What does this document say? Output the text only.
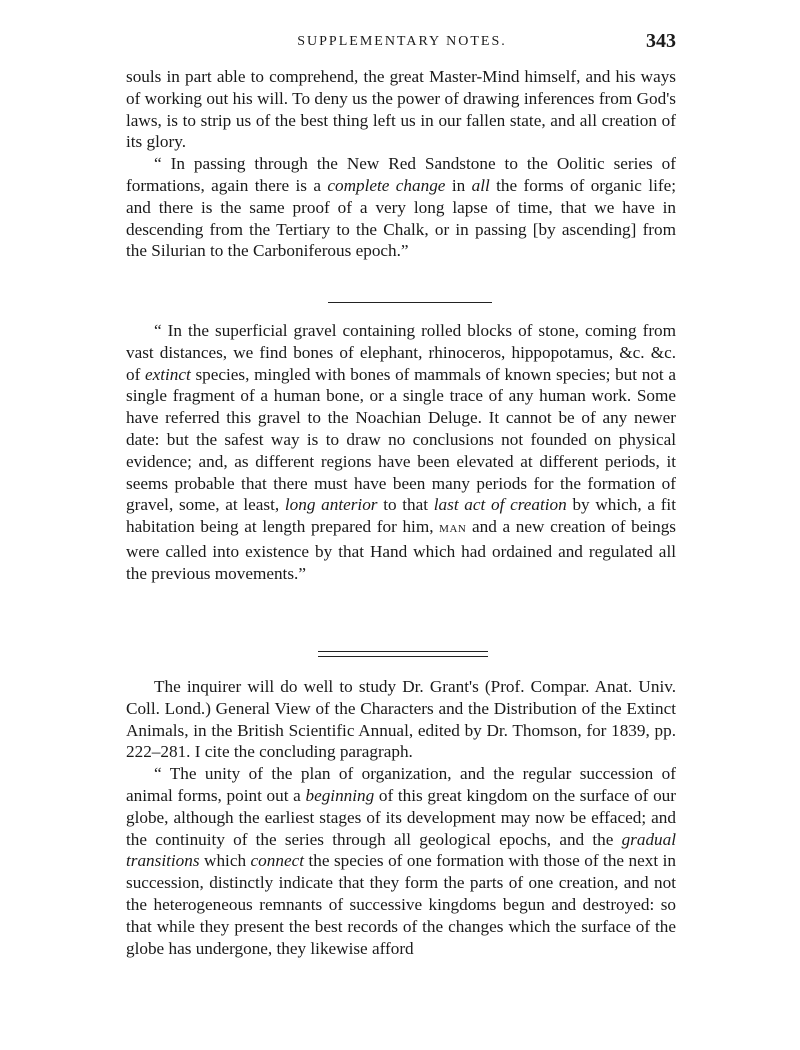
SUPPLEMENTARY NOTES.	343

souls in part able to comprehend, the great Master-Mind himself, and his ways of working out his will. To deny us the power of drawing inferences from God's laws, is to strip us of the best thing left us in our fallen state, and all creation of its glory.

“ In passing through the New Red Sandstone to the Oolitic series of formations, again there is a complete change in all the forms of organic life; and there is the same proof of a very long lapse of time, that we have in descending from the Tertiary to the Chalk, or in passing [by ascending] from the Silurian to the Carboniferous epoch.”

“ In the superficial gravel containing rolled blocks of stone, coming from vast distances, we find bones of elephant, rhinoceros, hippopotamus, &c. &c. of extinct species, mingled with bones of mammals of known species; but not a single fragment of a human bone, or a single trace of any human work. Some have referred this gravel to the Noachian Deluge. It cannot be of any newer date: but the safest way is to draw no conclusions not founded on physical evidence; and, as different regions have been elevated at different periods, it seems probable that there must have been many periods for the formation of gravel, some, at least, long anterior to that last act of creation by which, a fit habitation being at length prepared for him, MAN and a new creation of beings were called into existence by that Hand which had ordained and regulated all the previous movements.”

The inquirer will do well to study Dr. Grant's (Prof. Compar. Anat. Univ. Coll. Lond.) General View of the Characters and the Distribution of the Extinct Animals, in the British Scientific Annual, edited by Dr. Thomson, for 1839, pp. 222–281. I cite the concluding paragraph.

“ The unity of the plan of organization, and the regular succession of animal forms, point out a beginning of this great kingdom on the surface of our globe, although the earliest stages of its development may now be effaced; and the continuity of the series through all geological epochs, and the gradual transitions which connect the species of one formation with those of the next in succession, distinctly indicate that they form the parts of one creation, and not the heterogeneous remnants of successive kingdoms begun and destroyed: so that while they present the best records of the changes which the surface of the globe has undergone, they likewise afford
